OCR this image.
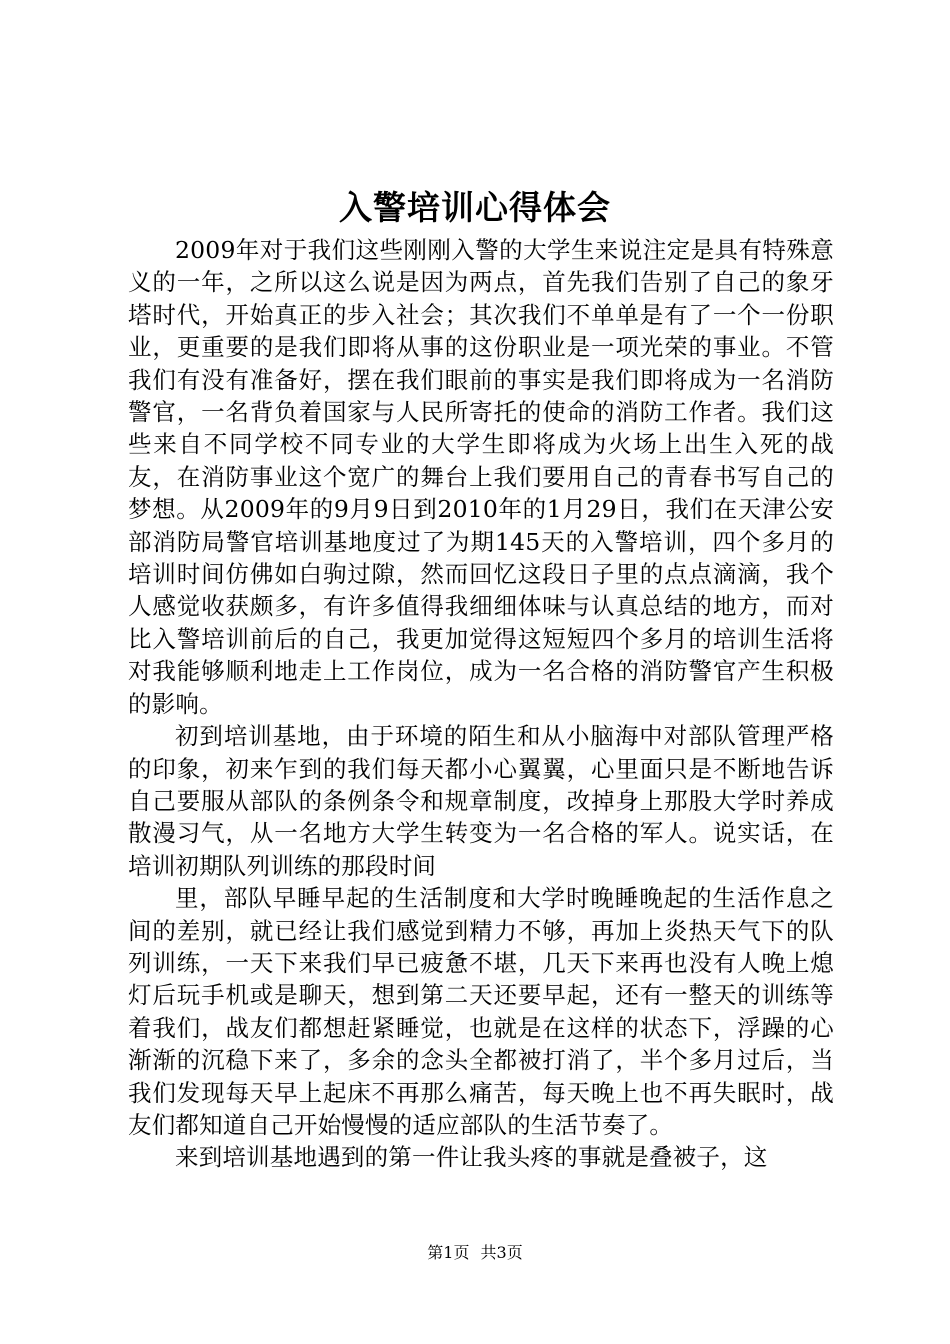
入警培训心得体会

2009年对于我们这些刚刚入警的大学生来说注定是具有特殊意义的一年，之所以这么说是因为两点，首先我们告别了自己的象牙塔时代，开始真正的步入社会；其次我们不单单是有了一个一份职业，更重要的是我们即将从事的这份职业是一项光荣的事业。不管我们有没有准备好，摆在我们眼前的事实是我们即将成为一名消防警官，一名背负着国家与人民所寄托的使命的消防工作者。我们这些来自不同学校不同专业的大学生即将成为火场上出生入死的战友，在消防事业这个宽广的舞台上我们要用自己的青春书写自己的梦想。从2009年的9月9日到2010年的1月29日，我们在天津公安部消防局警官培训基地度过了为期145天的入警培训，四个多月的培训时间仿佛如白驹过隙，然而回忆这段日子里的点点滴滴，我个人感觉收获颇多，有许多值得我细细体味与认真总结的地方，而对比入警培训前后的自己，我更加觉得这短短四个多月的培训生活将对我能够顺利地走上工作岗位，成为一名合格的消防警官产生积极的影响。

初到培训基地，由于环境的陌生和从小脑海中对部队管理严格的印象，初来乍到的我们每天都小心翼翼，心里面只是不断地告诉自己要服从部队的条例条令和规章制度，改掉身上那股大学时养成散漫习气，从一名地方大学生转变为一名合格的军人。说实话，在培训初期队列训练的那段时间

里，部队早睡早起的生活制度和大学时晚睡晚起的生活作息之间的差别，就已经让我们感觉到精力不够，再加上炎热天气下的队列训练，一天下来我们早已疲惫不堪，几天下来再也没有人晚上熄灯后玩手机或是聊天，想到第二天还要早起，还有一整天的训练等着我们，战友们都想赶紧睡觉，也就是在这样的状态下，浮躁的心渐渐的沉稳下来了，多余的念头全都被打消了，半个多月过后，当我们发现每天早上起床不再那么痛苦，每天晚上也不再失眠时，战友们都知道自己开始慢慢的适应部队的生活节奏了。

来到培训基地遇到的第一件让我头疼的事就是叠被子，这

第1页 共3页
